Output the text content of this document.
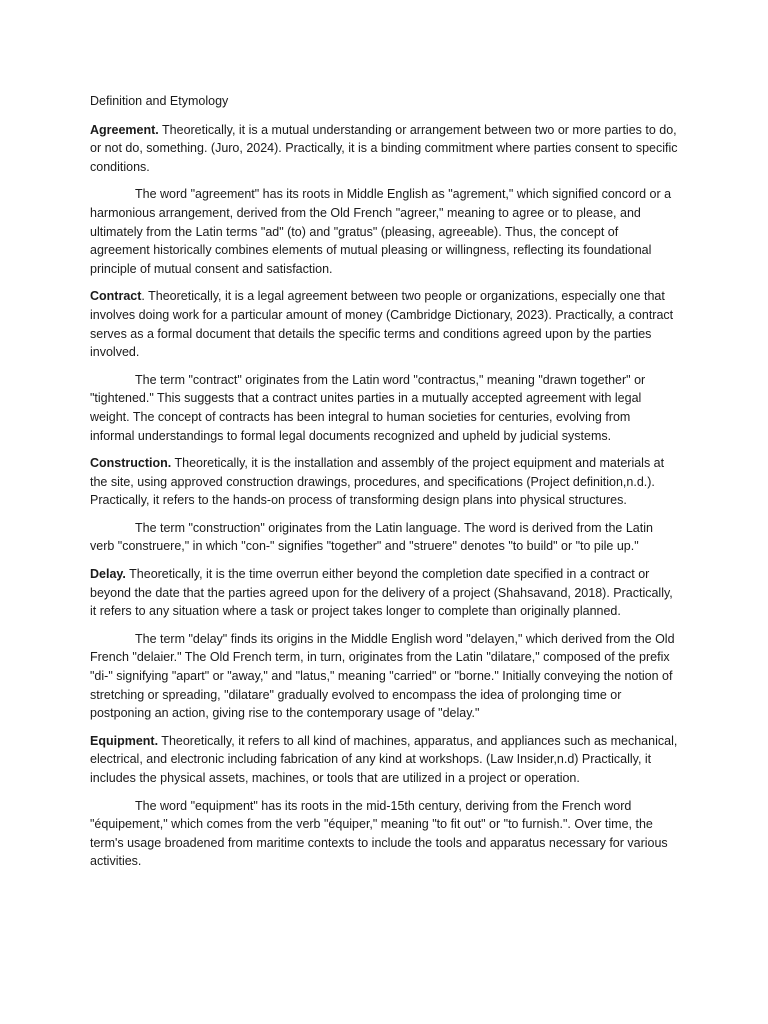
Definition and Etymology

Agreement. Theoretically, it is a mutual understanding or arrangement between two or more parties to do, or not do, something. (Juro, 2024). Practically, it is a binding commitment where parties consent to specific conditions.

The word "agreement" has its roots in Middle English as "agrement," which signified concord or a harmonious arrangement, derived from the Old French "agreer," meaning to agree or to please, and ultimately from the Latin terms "ad" (to) and "gratus" (pleasing, agreeable). Thus, the concept of agreement historically combines elements of mutual pleasing or willingness, reflecting its foundational principle of mutual consent and satisfaction.

Contract. Theoretically, it is a legal agreement between two people or organizations, especially one that involves doing work for a particular amount of money (Cambridge Dictionary, 2023). Practically, a contract serves as a formal document that details the specific terms and conditions agreed upon by the parties involved.

The term "contract" originates from the Latin word "contractus," meaning "drawn together" or "tightened." This suggests that a contract unites parties in a mutually accepted agreement with legal weight. The concept of contracts has been integral to human societies for centuries, evolving from informal understandings to formal legal documents recognized and upheld by judicial systems.

Construction. Theoretically, it is the installation and assembly of the project equipment and materials at the site, using approved construction drawings, procedures, and specifications (Project definition,n.d.). Practically, it refers to the hands-on process of transforming design plans into physical structures.

The term "construction" originates from the Latin language. The word is derived from the Latin verb "construere," in which "con-" signifies "together" and "struere" denotes "to build" or "to pile up."

Delay. Theoretically, it is the time overrun either beyond the completion date specified in a contract or beyond the date that the parties agreed upon for the delivery of a project (Shahsavand, 2018). Practically, it refers to any situation where a task or project takes longer to complete than originally planned.

The term "delay" finds its origins in the Middle English word "delayen," which derived from the Old French "delaier." The Old French term, in turn, originates from the Latin "dilatare," composed of the prefix "di-" signifying "apart" or "away," and "latus," meaning "carried" or "borne." Initially conveying the notion of stretching or spreading, "dilatare" gradually evolved to encompass the idea of prolonging time or postponing an action, giving rise to the contemporary usage of "delay."

Equipment. Theoretically, it refers to all kind of machines, apparatus, and appliances such as mechanical, electrical, and electronic including fabrication of any kind at workshops. (Law Insider,n.d) Practically, it includes the physical assets, machines, or tools that are utilized in a project or operation.

The word "equipment" has its roots in the mid-15th century, deriving from the French word "équipement," which comes from the verb "équiper," meaning "to fit out" or "to furnish.". Over time, the term's usage broadened from maritime contexts to include the tools and apparatus necessary for various activities.
